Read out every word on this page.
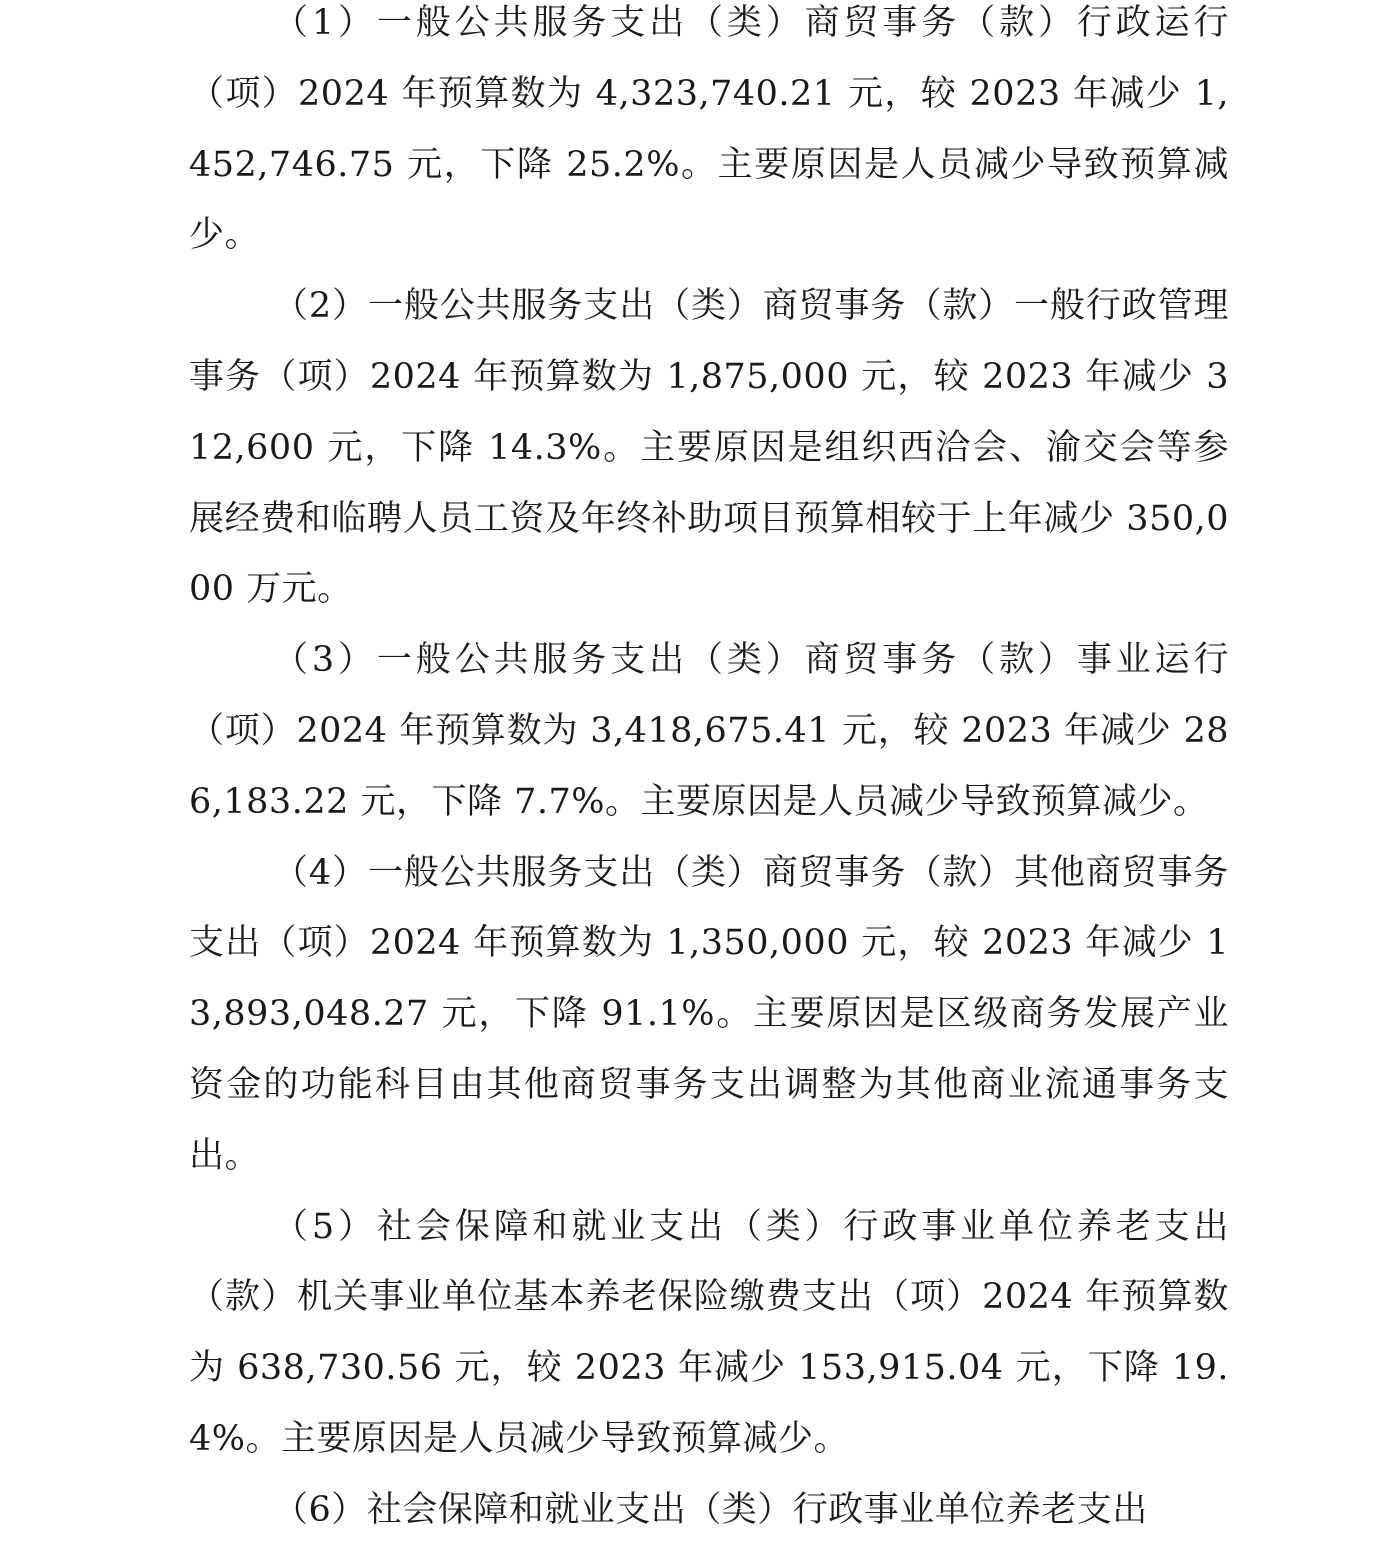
（1）一般公共服务支出（类）商贸事务（款）行政运行（项）2024 年预算数为 4,323,740.21 元，较 2023 年减少 1,452,746.75 元，下降 25.2%。主要原因是人员减少导致预算减少。

（2）一般公共服务支出（类）商贸事务（款）一般行政管理事务（项）2024 年预算数为 1,875,000 元，较 2023 年减少 312,600 元，下降 14.3%。主要原因是组织西洽会、渝交会等参展经费和临聘人员工资及年终补助项目预算相较于上年减少 350,000 万元。

（3）一般公共服务支出（类）商贸事务（款）事业运行（项）2024 年预算数为 3,418,675.41 元，较 2023 年减少 286,183.22 元，下降 7.7%。主要原因是人员减少导致预算减少。

（4）一般公共服务支出（类）商贸事务（款）其他商贸事务支出（项）2024 年预算数为 1,350,000 元，较 2023 年减少 13,893,048.27 元，下降 91.1%。主要原因是区级商务发展产业资金的功能科目由其他商贸事务支出调整为其他商业流通事务支出。

（5）社会保障和就业支出（类）行政事业单位养老支出（款）机关事业单位基本养老保险缴费支出（项）2024 年预算数为 638,730.56 元，较 2023 年减少 153,915.04 元，下降 19.4%。主要原因是人员减少导致预算减少。

（6）社会保障和就业支出（类）行政事业单位养老支出
